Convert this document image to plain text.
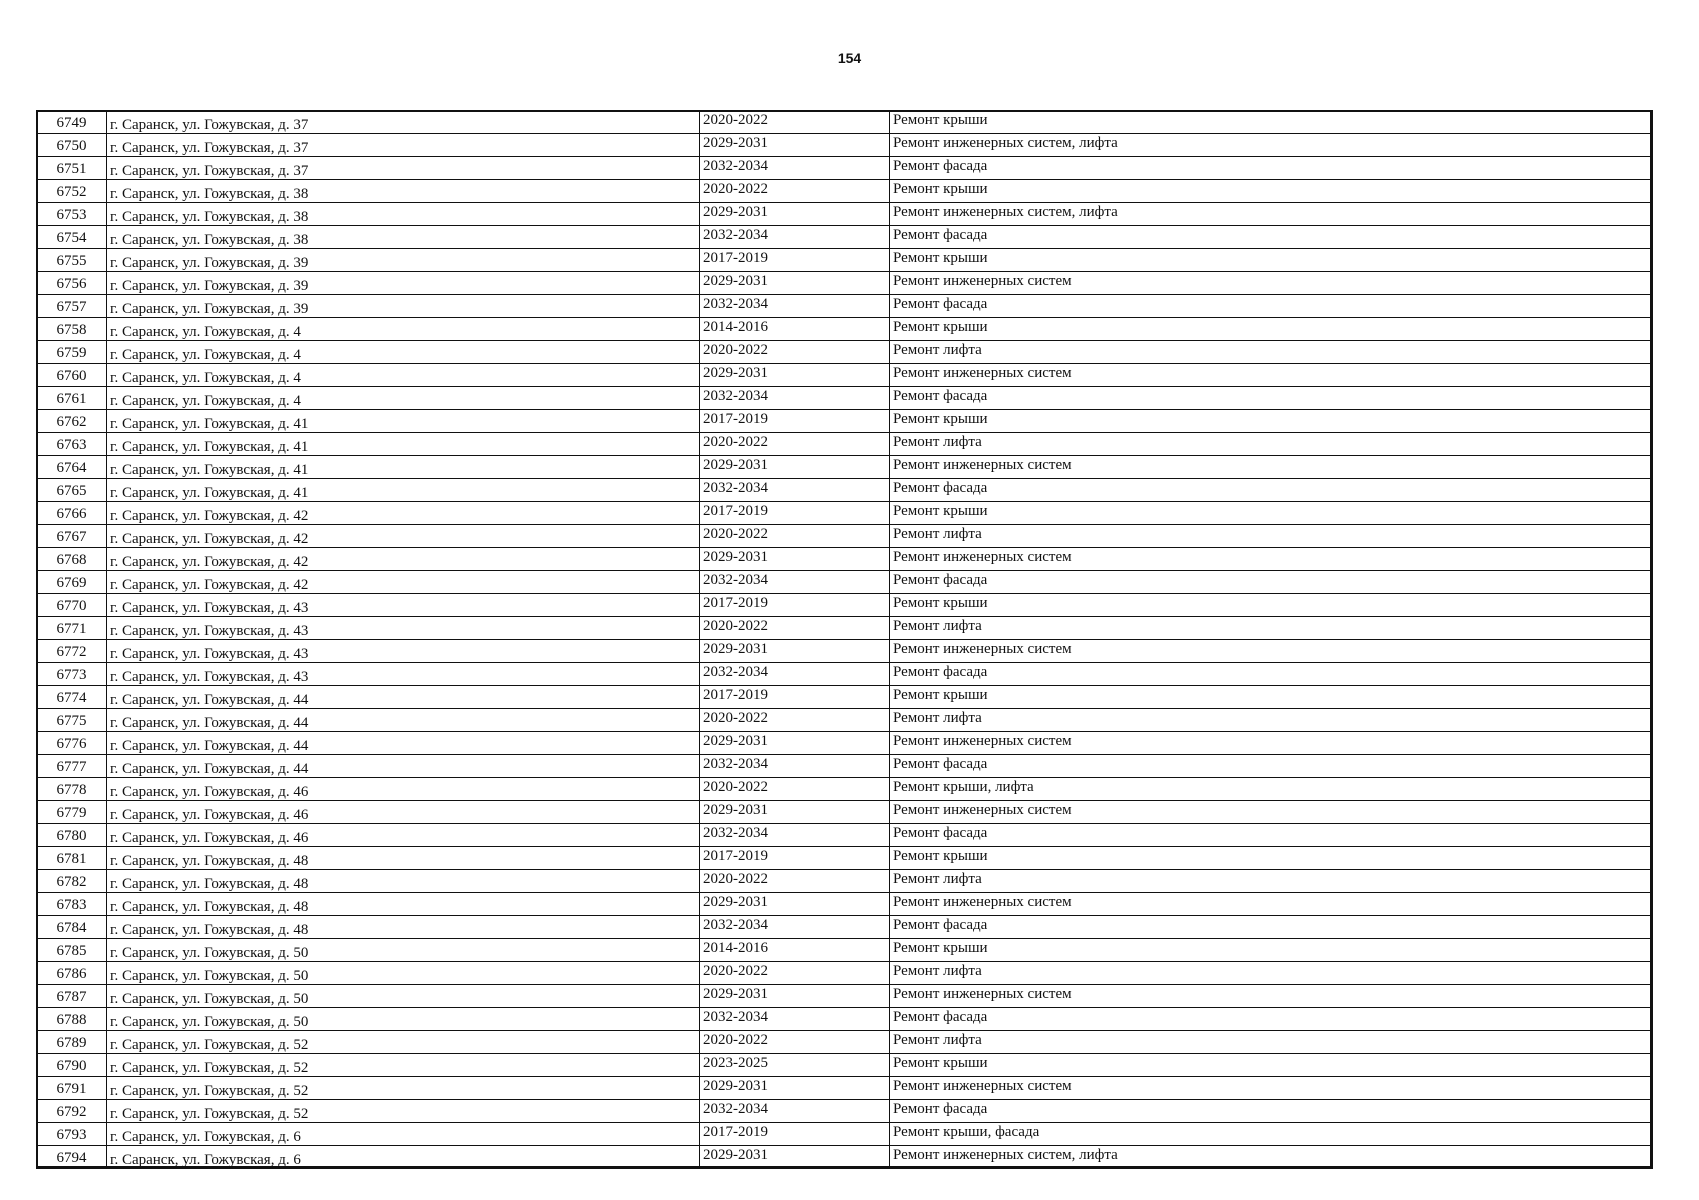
154
6749	г. Саранск, ул. Гожувская, д. 37	2020-2022	Ремонт крыши
6750	г. Саранск, ул. Гожувская, д. 37	2029-2031	Ремонт инженерных систем, лифта
6751	г. Саранск, ул. Гожувская, д. 37	2032-2034	Ремонт фасада
6752	г. Саранск, ул. Гожувская, д. 38	2020-2022	Ремонт крыши
6753	г. Саранск, ул. Гожувская, д. 38	2029-2031	Ремонт инженерных систем, лифта
6754	г. Саранск, ул. Гожувская, д. 38	2032-2034	Ремонт фасада
6755	г. Саранск, ул. Гожувская, д. 39	2017-2019	Ремонт крыши
6756	г. Саранск, ул. Гожувская, д. 39	2029-2031	Ремонт инженерных систем
6757	г. Саранск, ул. Гожувская, д. 39	2032-2034	Ремонт фасада
6758	г. Саранск, ул. Гожувская, д. 4	2014-2016	Ремонт крыши
6759	г. Саранск, ул. Гожувская, д. 4	2020-2022	Ремонт лифта
6760	г. Саранск, ул. Гожувская, д. 4	2029-2031	Ремонт инженерных систем
6761	г. Саранск, ул. Гожувская, д. 4	2032-2034	Ремонт фасада
6762	г. Саранск, ул. Гожувская, д. 41	2017-2019	Ремонт крыши
6763	г. Саранск, ул. Гожувская, д. 41	2020-2022	Ремонт лифта
6764	г. Саранск, ул. Гожувская, д. 41	2029-2031	Ремонт инженерных систем
6765	г. Саранск, ул. Гожувская, д. 41	2032-2034	Ремонт фасада
6766	г. Саранск, ул. Гожувская, д. 42	2017-2019	Ремонт крыши
6767	г. Саранск, ул. Гожувская, д. 42	2020-2022	Ремонт лифта
6768	г. Саранск, ул. Гожувская, д. 42	2029-2031	Ремонт инженерных систем
6769	г. Саранск, ул. Гожувская, д. 42	2032-2034	Ремонт фасада
6770	г. Саранск, ул. Гожувская, д. 43	2017-2019	Ремонт крыши
6771	г. Саранск, ул. Гожувская, д. 43	2020-2022	Ремонт лифта
6772	г. Саранск, ул. Гожувская, д. 43	2029-2031	Ремонт инженерных систем
6773	г. Саранск, ул. Гожувская, д. 43	2032-2034	Ремонт фасада
6774	г. Саранск, ул. Гожувская, д. 44	2017-2019	Ремонт крыши
6775	г. Саранск, ул. Гожувская, д. 44	2020-2022	Ремонт лифта
6776	г. Саранск, ул. Гожувская, д. 44	2029-2031	Ремонт инженерных систем
6777	г. Саранск, ул. Гожувская, д. 44	2032-2034	Ремонт фасада
6778	г. Саранск, ул. Гожувская, д. 46	2020-2022	Ремонт крыши, лифта
6779	г. Саранск, ул. Гожувская, д. 46	2029-2031	Ремонт инженерных систем
6780	г. Саранск, ул. Гожувская, д. 46	2032-2034	Ремонт фасада
6781	г. Саранск, ул. Гожувская, д. 48	2017-2019	Ремонт крыши
6782	г. Саранск, ул. Гожувская, д. 48	2020-2022	Ремонт лифта
6783	г. Саранск, ул. Гожувская, д. 48	2029-2031	Ремонт инженерных систем
6784	г. Саранск, ул. Гожувская, д. 48	2032-2034	Ремонт фасада
6785	г. Саранск, ул. Гожувская, д. 50	2014-2016	Ремонт крыши
6786	г. Саранск, ул. Гожувская, д. 50	2020-2022	Ремонт лифта
6787	г. Саранск, ул. Гожувская, д. 50	2029-2031	Ремонт инженерных систем
6788	г. Саранск, ул. Гожувская, д. 50	2032-2034	Ремонт фасада
6789	г. Саранск, ул. Гожувская, д. 52	2020-2022	Ремонт лифта
6790	г. Саранск, ул. Гожувская, д. 52	2023-2025	Ремонт крыши
6791	г. Саранск, ул. Гожувская, д. 52	2029-2031	Ремонт инженерных систем
6792	г. Саранск, ул. Гожувская, д. 52	2032-2034	Ремонт фасада
6793	г. Саранск, ул. Гожувская, д. 6	2017-2019	Ремонт крыши, фасада
6794	г. Саранск, ул. Гожувская, д. 6	2029-2031	Ремонт инженерных систем, лифта
